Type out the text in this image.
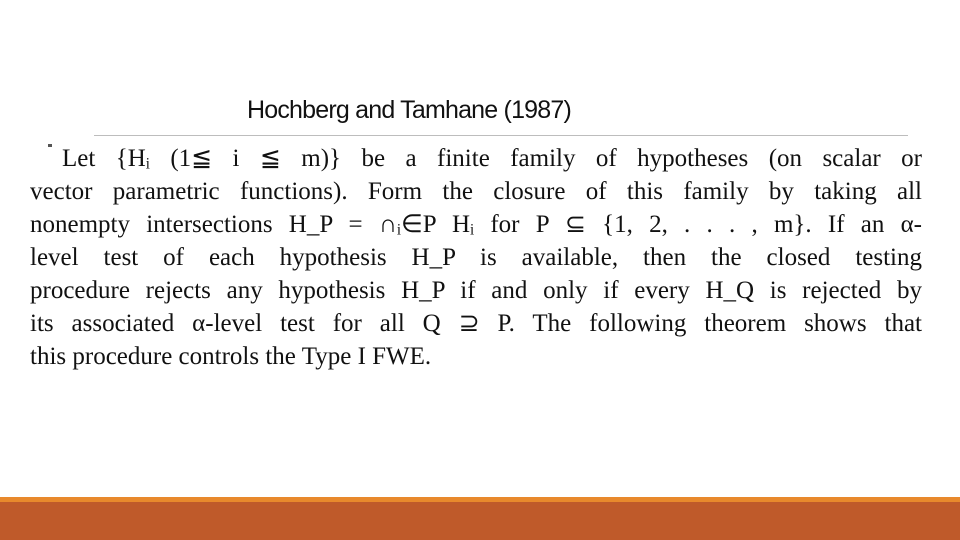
Hochberg and Tamhane (1987)
Let {Hᵢ (1≦ i ≦ m)} be a finite family of hypotheses (on scalar or
vector parametric functions). Form the closure of this family by taking all
nonempty intersections H_P = ∩ᵢ∈P Hᵢ for P ⊆ {1, 2, . . . , m}. If an α-
level test of each hypothesis H_P is available, then the closed testing
procedure rejects any hypothesis H_P if and only if every H_Q is rejected by
its associated α-level test for all Q ⊇ P. The following theorem shows that
this procedure controls the Type I FWE.
